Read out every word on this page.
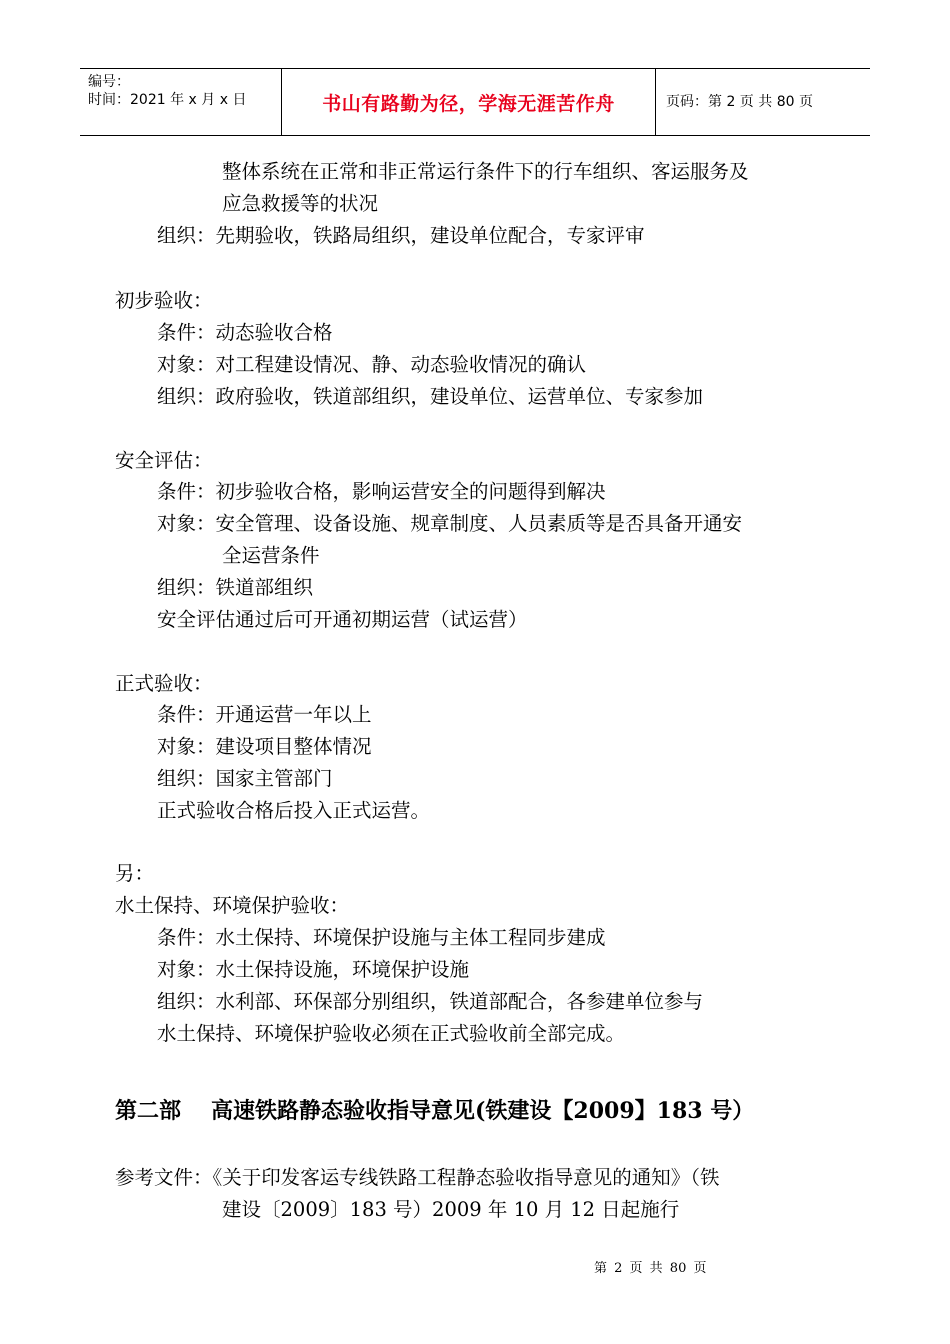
编号：
时间：2021 年 x 月 x 日	书山有路勤为径，学海无涯苦作舟	页码：第 2 页 共 80 页
整体系统在正常和非正常运行条件下的行车组织、客运服务及
应急救援等的状况
组织：先期验收，铁路局组织，建设单位配合，专家评审
初步验收：
条件：动态验收合格
对象：对工程建设情况、静、动态验收情况的确认
组织：政府验收，铁道部组织，建设单位、运营单位、专家参加
安全评估：
条件：初步验收合格，影响运营安全的问题得到解决
对象：安全管理、设备设施、规章制度、人员素质等是否具备开通安
全运营条件
组织：铁道部组织
安全评估通过后可开通初期运营（试运营）
正式验收：
条件：开通运营一年以上
对象：建设项目整体情况
组织：国家主管部门
正式验收合格后投入正式运营。
另：
水土保持、环境保护验收：
条件：水土保持、环境保护设施与主体工程同步建成
对象：水土保持设施，环境保护设施
组织：水利部、环保部分别组织，铁道部配合，各参建单位参与
水土保持、环境保护验收必须在正式验收前全部完成。
第二部 高速铁路静态验收指导意见(铁建设【2009】183 号）
参考文件：《关于印发客运专线铁路工程静态验收指导意见的通知》（铁
建设〔2009〕183 号）2009 年 10 月 12 日起施行
第 2 页 共 80 页
